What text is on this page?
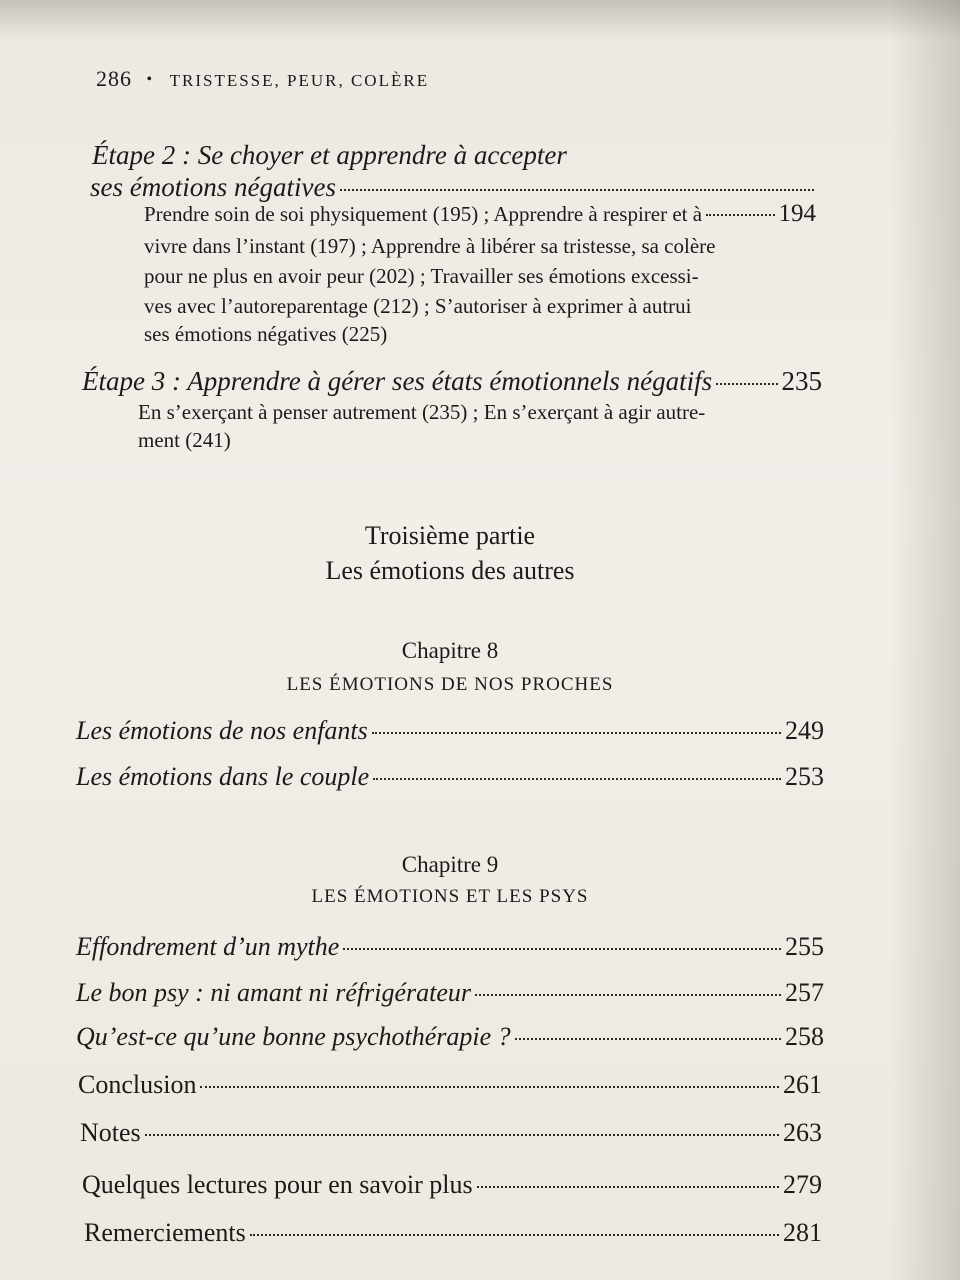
286 • TRISTESSE, PEUR, COLÈRE
Étape 2 : Se choyer et apprendre à accepter
ses émotions négatives
Prendre soin de soi physiquement (195) ; Apprendre à respirer et à	194
vivre dans l’instant (197) ; Apprendre à libérer sa tristesse, sa colère
pour ne plus en avoir peur (202) ; Travailler ses émotions excessi-
ves avec l’autoreparentage (212) ; S’autoriser à exprimer à autrui
ses émotions négatives (225)
Étape 3 : Apprendre à gérer ses états émotionnels négatifs	235
En s’exerçant à penser autrement (235) ; En s’exerçant à agir autre-
ment (241)
Troisième partie
Les émotions des autres
Chapitre 8
LES ÉMOTIONS DE NOS PROCHES
Les émotions de nos enfants	249
Les émotions dans le couple	253
Chapitre 9
LES ÉMOTIONS ET LES PSYS
Effondrement d’un mythe	255
Le bon psy : ni amant ni réfrigérateur	257
Qu’est-ce qu’une bonne psychothérapie ?	258
Conclusion	261
Notes	263
Quelques lectures pour en savoir plus	279
Remerciements	281
